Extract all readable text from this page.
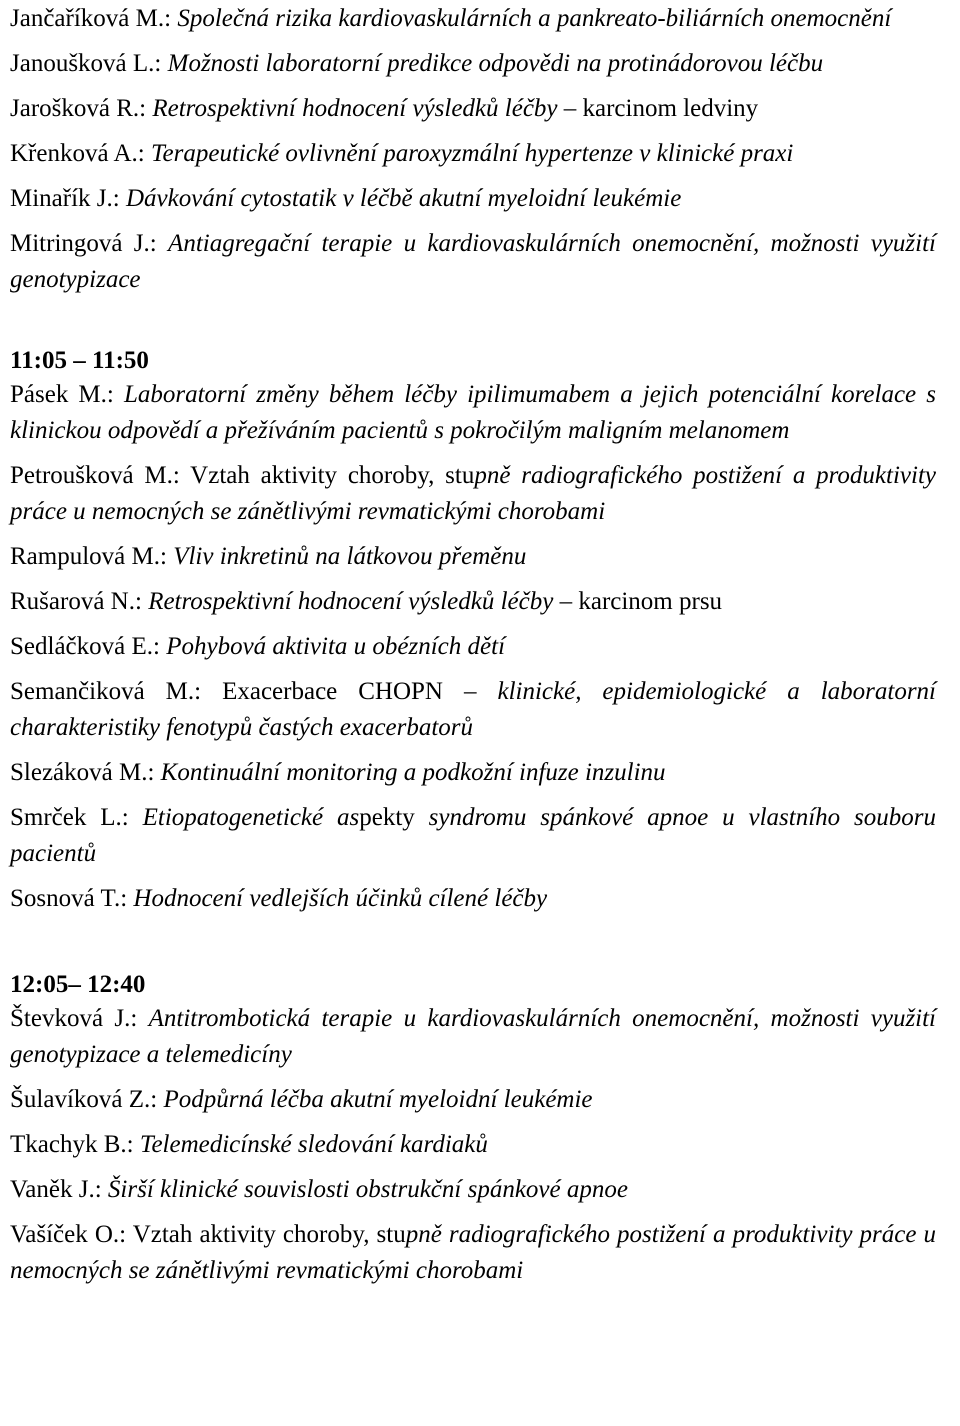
Jančaříková M.: Společná rizika kardiovaskulárních a pankreato-biliárních onemocnění

Janoušková L.: Možnosti laboratorní predikce odpovědi na protinádorovou léčbu

Jarošková R.: Retrospektivní hodnocení výsledků léčby – karcinom ledviny

Křenková A.: Terapeutické ovlivnění paroxyzmální hypertenze v klinické praxi

Minařík J.: Dávkování cytostatik v léčbě akutní myeloidní leukémie

Mitringová J.: Antiagregační terapie u kardiovaskulárních onemocnění, možnosti využití genotypizace

11:05 – 11:50

Pásek M.: Laboratorní změny během léčby ipilimumabem a jejich potenciální korelace s klinickou odpovědí a přežíváním pacientů s pokročilým maligním melanomem

Petroušková M.: Vztah aktivity choroby, stupně radiografického postižení a produktivity práce u nemocných se zánětlivými revmatickými chorobami

Rampulová M.: Vliv inkretinů na látkovou přeměnu

Rušarová N.: Retrospektivní hodnocení výsledků léčby – karcinom prsu

Sedláčková E.: Pohybová aktivita u obézních dětí

Semančiková M.: Exacerbace CHOPN – klinické, epidemiologické a laboratorní charakteristiky fenotypů častých exacerbatorů

Slezáková M.: Kontinuální monitoring a podkožní infuze inzulinu

Smrček L.: Etiopatogenetické aspekty syndromu spánkové apnoe u vlastního souboru pacientů

Sosnová T.: Hodnocení vedlejších účinků cílené léčby

12:05– 12:40

Števková J.: Antitrombotická terapie u kardiovaskulárních onemocnění, možnosti využití genotypizace a telemedicíny

Šulavíková Z.: Podpůrná léčba akutní myeloidní leukémie

Tkachyk B.: Telemedicínské sledování kardiaků

Vaněk J.: Širší klinické souvislosti obstrukční spánkové apnoe

Vašíček O.: Vztah aktivity choroby, stupně radiografického postižení a produktivity práce u nemocných se zánětlivými revmatickými chorobami
